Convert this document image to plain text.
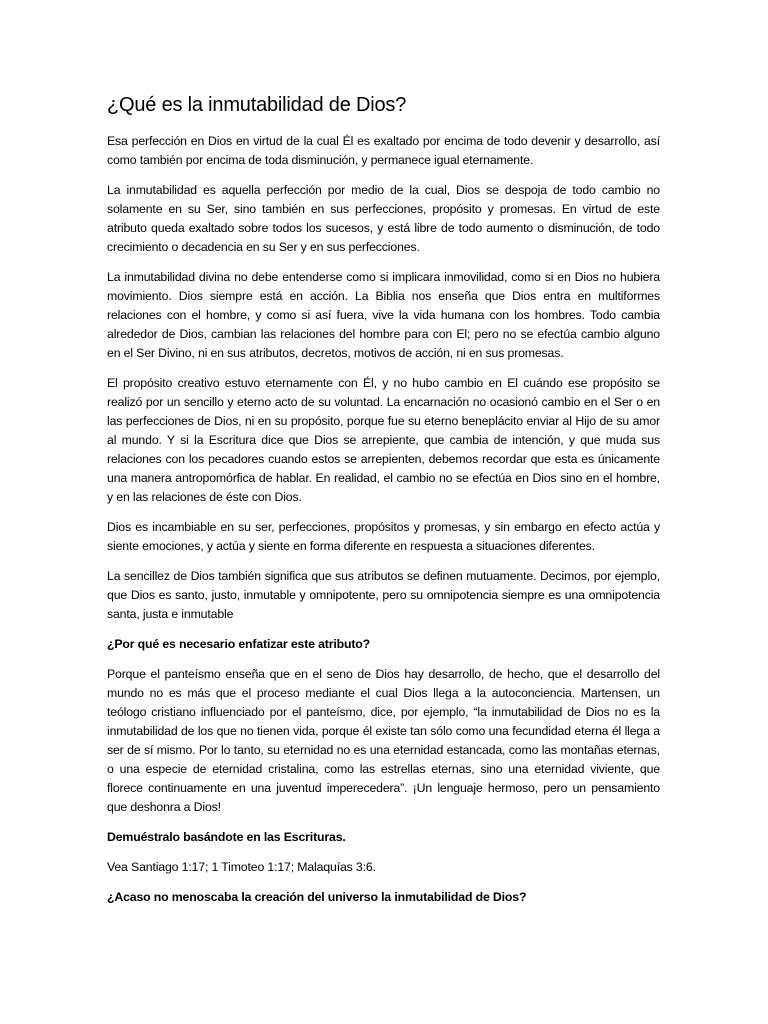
¿Qué es la inmutabilidad de Dios?

Esa perfección en Dios en virtud de la cual Él es exaltado por encima de todo devenir y desarrollo, así como también por encima de toda disminución, y permanece igual eternamente.

La inmutabilidad es aquella perfección por medio de la cual, Dios se despoja de todo cambio no solamente en su Ser, sino también en sus perfecciones, propósito y promesas. En virtud de este atributo queda exaltado sobre todos los sucesos, y está libre de todo aumento o disminución, de todo crecimiento o decadencia en su Ser y en sus perfecciones.

La inmutabilidad divina no debe entenderse como si implicara inmovilidad, como si en Dios no hubiera movimiento. Dios siempre está en acción. La Biblia nos enseña que Dios entra en multiformes relaciones con el hombre, y como si así fuera, vive la vida humana con los hombres. Todo cambia alrededor de Dios, cambian las relaciones del hombre para con El; pero no se efectúa cambio alguno en el Ser Divino, ni en sus atributos, decretos, motivos de acción, ni en sus promesas.

El propósito creativo estuvo eternamente con Él, y no hubo cambio en El cuándo ese propósito se realizó por un sencillo y eterno acto de su voluntad. La encarnación no ocasionó cambio en el Ser o en las perfecciones de Dios, ni en su propósito, porque fue su eterno beneplácito enviar al Hijo de su amor al mundo. Y si la Escritura dice que Dios se arrepiente, que cambia de intención, y que muda sus relaciones con los pecadores cuando estos se arrepienten, debemos recordar que esta es únicamente una manera antropomórfica de hablar. En realidad, el cambio no se efectúa en Dios sino en el hombre, y en las relaciones de éste con Dios.

Dios es incambiable en su ser, perfecciones, propósitos y promesas, y sin embargo en efecto actúa y siente emociones, y actúa y siente en forma diferente en respuesta a situaciones diferentes.

La sencillez de Dios también significa que sus atributos se definen mutuamente. Decimos, por ejemplo, que Dios es santo, justo, inmutable y omnipotente, pero su omnipotencia siempre es una omnipotencia santa, justa e inmutable

¿Por qué es necesario enfatizar este atributo?

Porque el panteísmo enseña que en el seno de Dios hay desarrollo, de hecho, que el desarrollo del mundo no es más que el proceso mediante el cual Dios llega a la autoconciencia. Martensen, un teólogo cristiano influenciado por el panteísmo, dice, por ejemplo, “la inmutabilidad de Dios no es la inmutabilidad de los que no tienen vida, porque él existe tan sólo como una fecundidad eterna él llega a ser de sí mismo. Por lo tanto, su eternidad no es una eternidad estancada, como las montañas eternas, o una especie de eternidad cristalina, como las estrellas eternas, sino una eternidad viviente, que florece continuamente en una juventud imperecedera”. ¡Un lenguaje hermoso, pero un pensamiento que deshonra a Dios!

Demuéstralo basándote en las Escrituras.

Vea Santiago 1:17; 1 Timoteo 1:17; Malaquías 3:6.

¿Acaso no menoscaba la creación del universo la inmutabilidad de Dios?
